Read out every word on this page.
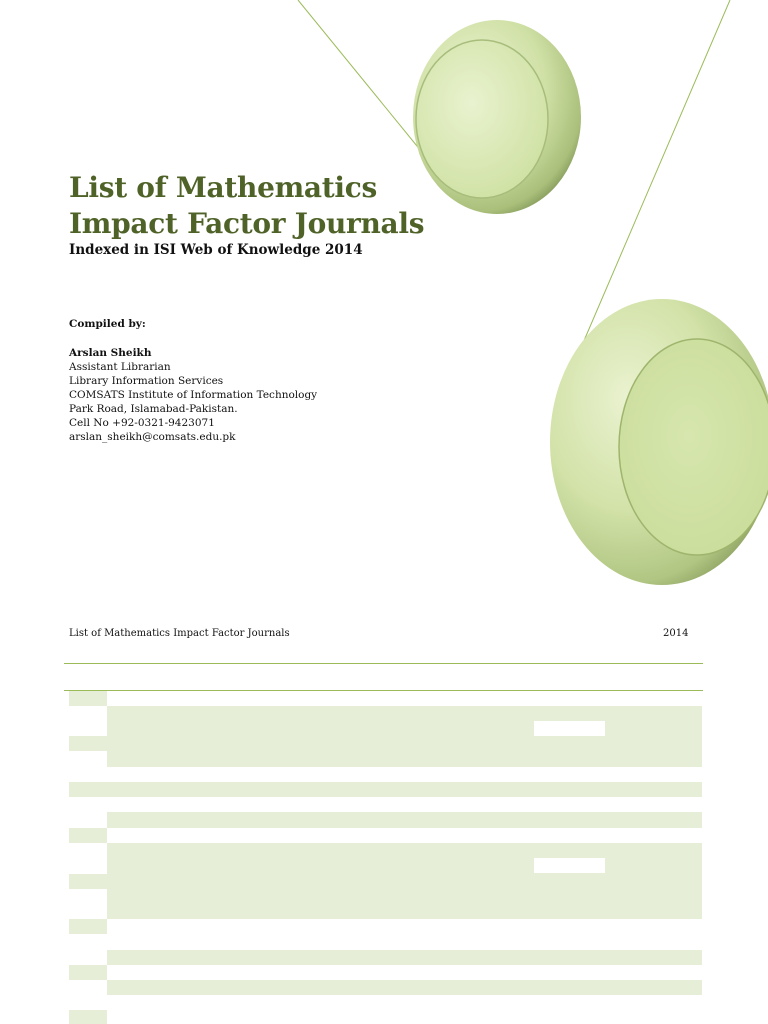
List of Mathematics
Impact Factor Journals
Indexed in ISI Web of Knowledge 2014
Compiled by:
Arslan Sheikh
Assistant Librarian
Library Information Services
COMSATS Institute of Information Technology
Park Road, Islamabad-Pakistan.
Cell No +92-0321-9423071
arslan_sheikh@comsats.edu.pk
List of Mathematics Impact Factor Journals	2014
